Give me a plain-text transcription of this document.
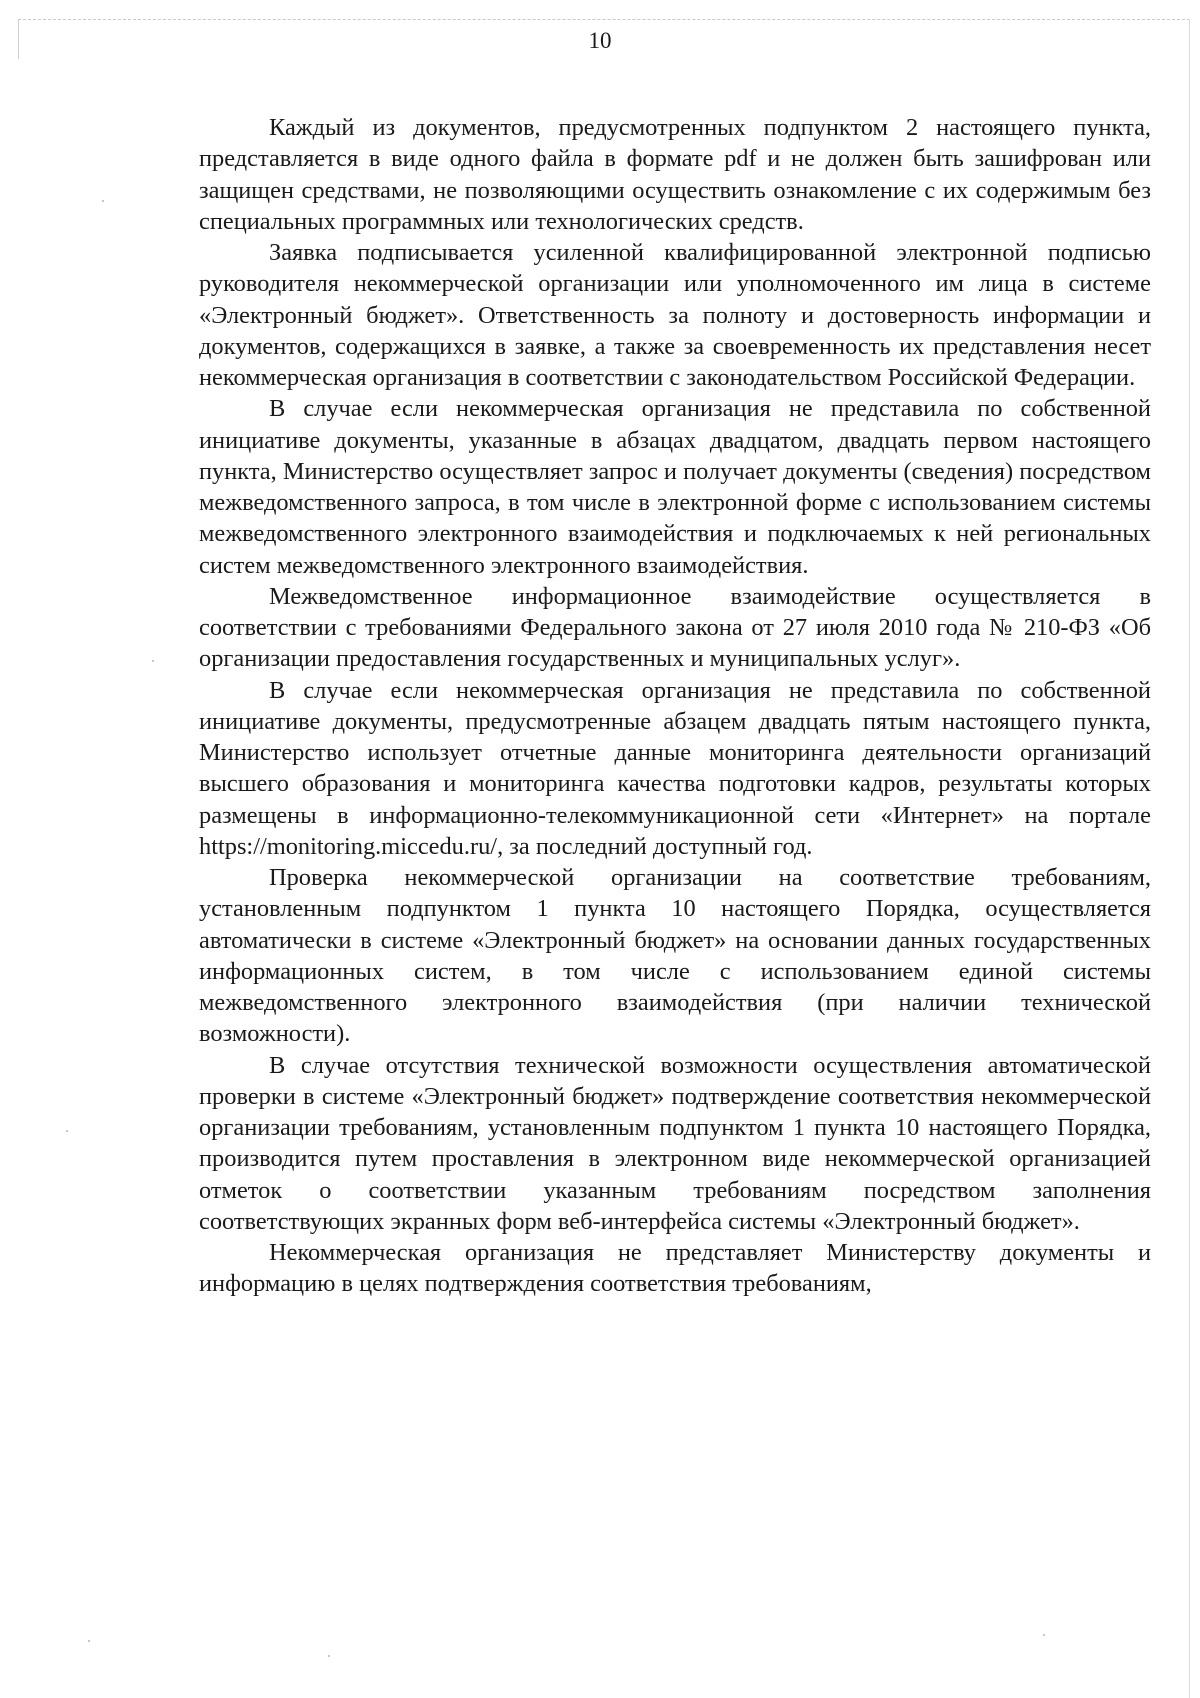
10

Каждый из документов, предусмотренных подпунктом 2 настоящего пункта, представляется в виде одного файла в формате pdf и не должен быть зашифрован или защищен средствами, не позволяющими осуществить ознакомление с их содержимым без специальных программных или технологических средств.

Заявка подписывается усиленной квалифицированной электронной подписью руководителя некоммерческой организации или уполномоченного им лица в системе «Электронный бюджет». Ответственность за полноту и достоверность информации и документов, содержащихся в заявке, а также за своевременность их представления несет некоммерческая организация в соответствии с законодательством Российской Федерации.

В случае если некоммерческая организация не представила по собственной инициативе документы, указанные в абзацах двадцатом, двадцать первом настоящего пункта, Министерство осуществляет запрос и получает документы (сведения) посредством межведомственного запроса, в том числе в электронной форме с использованием системы межведомственного электронного взаимодействия и подключаемых к ней региональных систем межведомственного электронного взаимодействия.

Межведомственное информационное взаимодействие осуществляется в соответствии с требованиями Федерального закона от 27 июля 2010 года № 210-ФЗ «Об организации предоставления государственных и муниципальных услуг».

В случае если некоммерческая организация не представила по собственной инициативе документы, предусмотренные абзацем двадцать пятым настоящего пункта, Министерство использует отчетные данные мониторинга деятельности организаций высшего образования и мониторинга качества подготовки кадров, результаты которых размещены в информационно-телекоммуникационной сети «Интернет» на портале https://monitoring.miccedu.ru/, за последний доступный год.

Проверка некоммерческой организации на соответствие требованиям, установленным подпунктом 1 пункта 10 настоящего Порядка, осуществляется автоматически в системе «Электронный бюджет» на основании данных государственных информационных систем, в том числе с использованием единой системы межведомственного электронного взаимодействия (при наличии технической возможности).

В случае отсутствия технической возможности осуществления автоматической проверки в системе «Электронный бюджет» подтверждение соответствия некоммерческой организации требованиям, установленным подпунктом 1 пункта 10 настоящего Порядка, производится путем проставления в электронном виде некоммерческой организацией отметок о соответствии указанным требованиям посредством заполнения соответствующих экранных форм веб-интерфейса системы «Электронный бюджет».

Некоммерческая организация не представляет Министерству документы и информацию в целях подтверждения соответствия требованиям,
